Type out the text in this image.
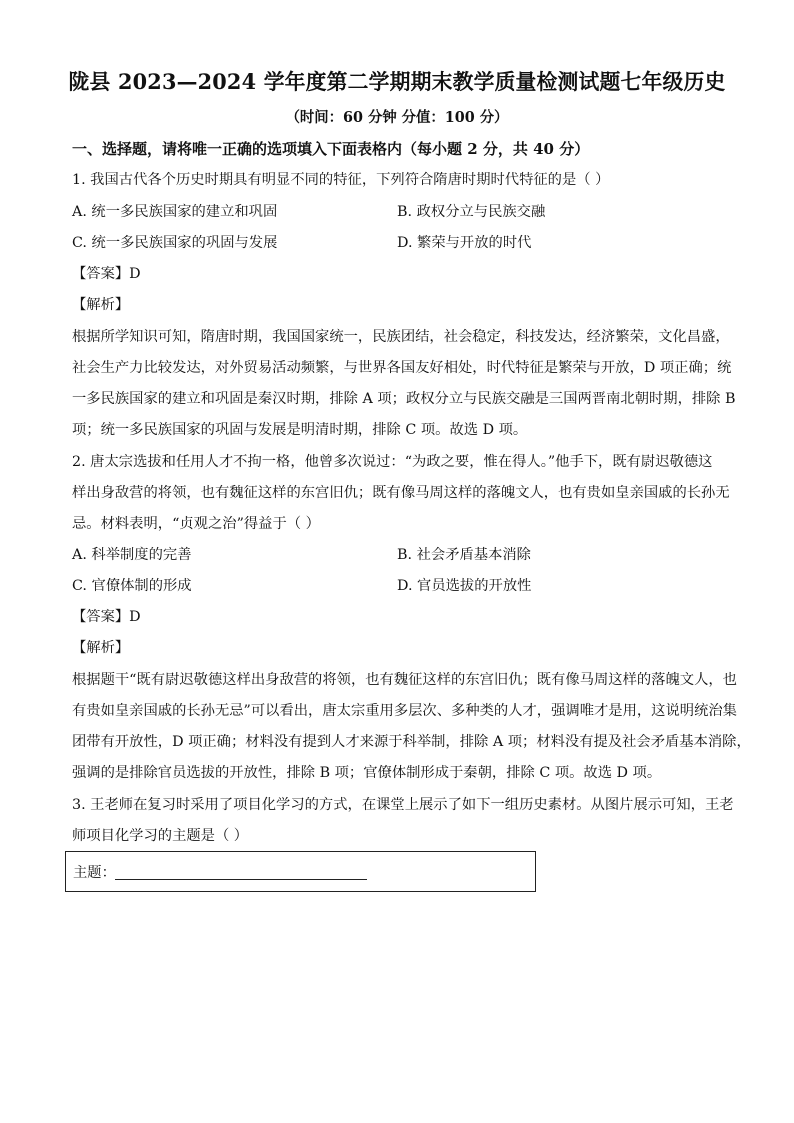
陇县 2023—2024 学年度第二学期期末教学质量检测试题七年级历史
（时间：60 分钟 分值：100 分）
一、选择题，请将唯一正确的选项填入下面表格内（每小题 2 分，共 40 分）
1. 我国古代各个历史时期具有明显不同的特征，下列符合隋唐时期时代特征的是（ ）
A. 统一多民族国家的建立和巩固	B. 政权分立与民族交融
C. 统一多民族国家的巩固与发展	D. 繁荣与开放的时代
【答案】D
【解析】
根据所学知识可知，隋唐时期，我国国家统一，民族团结，社会稳定，科技发达，经济繁荣，文化昌盛，
社会生产力比较发达，对外贸易活动频繁，与世界各国友好相处，时代特征是繁荣与开放，D 项正确；统
一多民族国家的建立和巩固是秦汉时期，排除 A 项；政权分立与民族交融是三国两晋南北朝时期，排除 B
项；统一多民族国家的巩固与发展是明清时期，排除 C 项。故选 D 项。
2. 唐太宗选拔和任用人才不拘一格，他曾多次说过：“为政之要，惟在得人。”他手下，既有尉迟敬德这
样出身敌营的将领，也有魏征这样的东宫旧仇；既有像马周这样的落魄文人，也有贵如皇亲国戚的长孙无
忌。材料表明，“贞观之治”得益于（ ）
A. 科举制度的完善	B. 社会矛盾基本消除
C. 官僚体制的形成	D. 官员选拔的开放性
【答案】D
【解析】
根据题干“既有尉迟敬德这样出身敌营的将领，也有魏征这样的东宫旧仇；既有像马周这样的落魄文人，也
有贵如皇亲国戚的长孙无忌”可以看出，唐太宗重用多层次、多种类的人才，强调唯才是用，这说明统治集
团带有开放性，D 项正确；材料没有提到人才来源于科举制，排除 A 项；材料没有提及社会矛盾基本消除，
强调的是排除官员选拔的开放性，排除 B 项；官僚体制形成于秦朝，排除 C 项。故选 D 项。
3. 王老师在复习时采用了项目化学习的方式，在课堂上展示了如下一组历史素材。从图片展示可知，王老
师项目化学习的主题是（ ）
主题：
